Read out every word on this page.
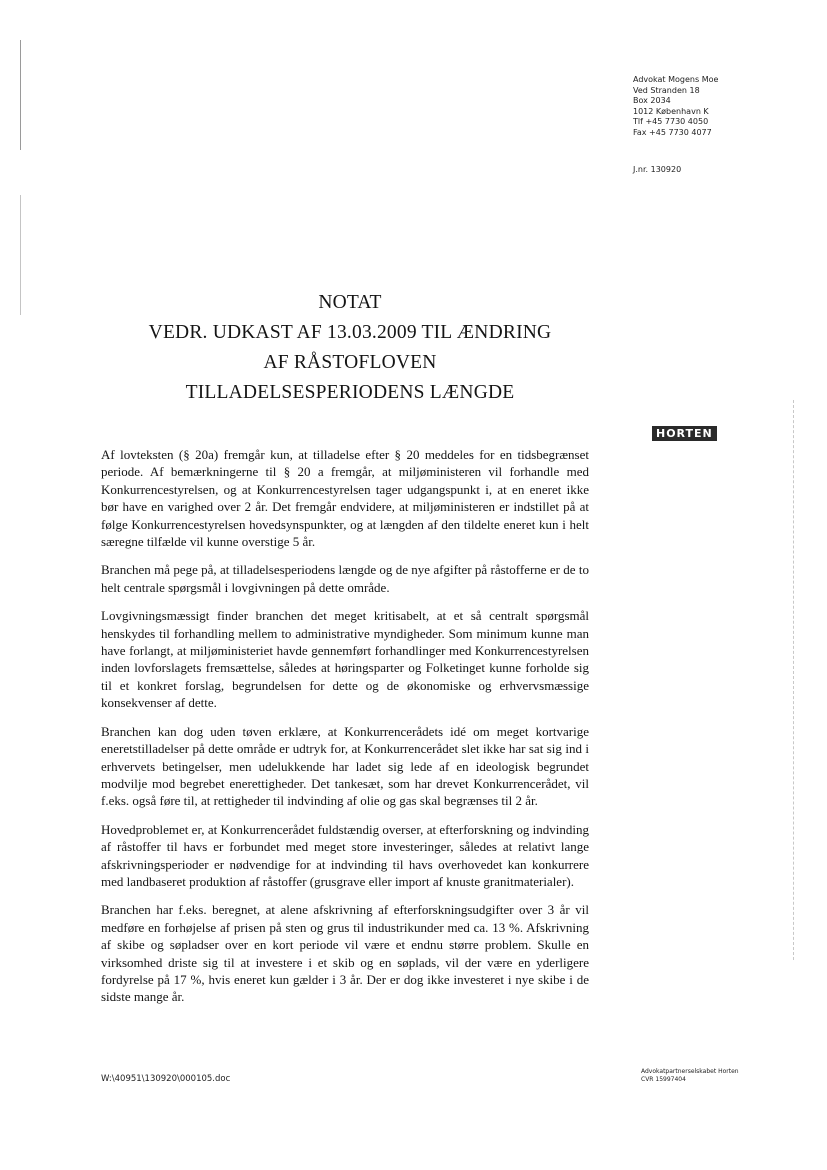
Advokat Mogens Moe
Ved Stranden 18
Box 2034
1012 København K
Tlf +45 7730 4050
Fax +45 7730 4077
J.nr. 130920
NOTAT
VEDR. UDKAST AF 13.03.2009 TIL ÆNDRING
AF RÅSTOFLOVEN
TILLADELSESPERIODENS LÆNGDE
HORTEN

Af lovteksten (§ 20a) fremgår kun, at tilladelse efter § 20 meddeles for en tidsbegrænset periode. Af bemærkningerne til § 20 a fremgår, at miljøministeren vil forhandle med Konkurrencestyrelsen, og at Konkurrencestyrelsen tager udgangspunkt i, at en eneret ikke bør have en varighed over 2 år. Det fremgår endvidere, at miljøministeren er indstillet på at følge Konkurrencestyrelsen hovedsynspunkter, og at længden af den tildelte eneret kun i helt særegne tilfælde vil kunne overstige 5 år.

Branchen må pege på, at tilladelsesperiodens længde og de nye afgifter på råstofferne er de to helt centrale spørgsmål i lovgivningen på dette område.

Lovgivningsmæssigt finder branchen det meget kritisabelt, at et så centralt spørgsmål henskydes til forhandling mellem to administrative myndigheder. Som minimum kunne man have forlangt, at miljøministeriet havde gennemført forhandlinger med Konkurrencestyrelsen inden lovforslagets fremsættelse, således at høringsparter og Folketinget kunne forholde sig til et konkret forslag, begrundelsen for dette og de økonomiske og erhvervsmæssige konsekvenser af dette.

Branchen kan dog uden tøven erklære, at Konkurrencerådets idé om meget kortvarige eneretstilladelser på dette område er udtryk for, at Konkurrencerådet slet ikke har sat sig ind i erhvervets betingelser, men udelukkende har ladet sig lede af en ideologisk begrundet modvilje mod begrebet enerettigheder. Det tankesæt, som har drevet Konkurrencerådet, vil f.eks. også føre til, at rettigheder til indvinding af olie og gas skal begrænses til 2 år.

Hovedproblemet er, at Konkurrencerådet fuldstændig overser, at efterforskning og indvinding af råstoffer til havs er forbundet med meget store investeringer, således at relativt lange afskrivningsperioder er nødvendige for at indvinding til havs overhovedet kan konkurrere med landbaseret produktion af råstoffer (grusgrave eller import af knuste granitmaterialer).

Branchen har f.eks. beregnet, at alene afskrivning af efterforskningsudgifter over 3 år vil medføre en forhøjelse af prisen på sten og grus til industrikunder med ca. 13 %. Afskrivning af skibe og søpladser over en kort periode vil være et endnu større problem. Skulle en virksomhed driste sig til at investere i et skib og en søplads, vil der være en yderligere fordyrelse på 17 %, hvis eneret kun gælder i 3 år. Der er dog ikke investeret i nye skibe i de sidste mange år.

W:\40951\130920\000105.doc
Advokatpartnerselskabet Horten
CVR 15997404
